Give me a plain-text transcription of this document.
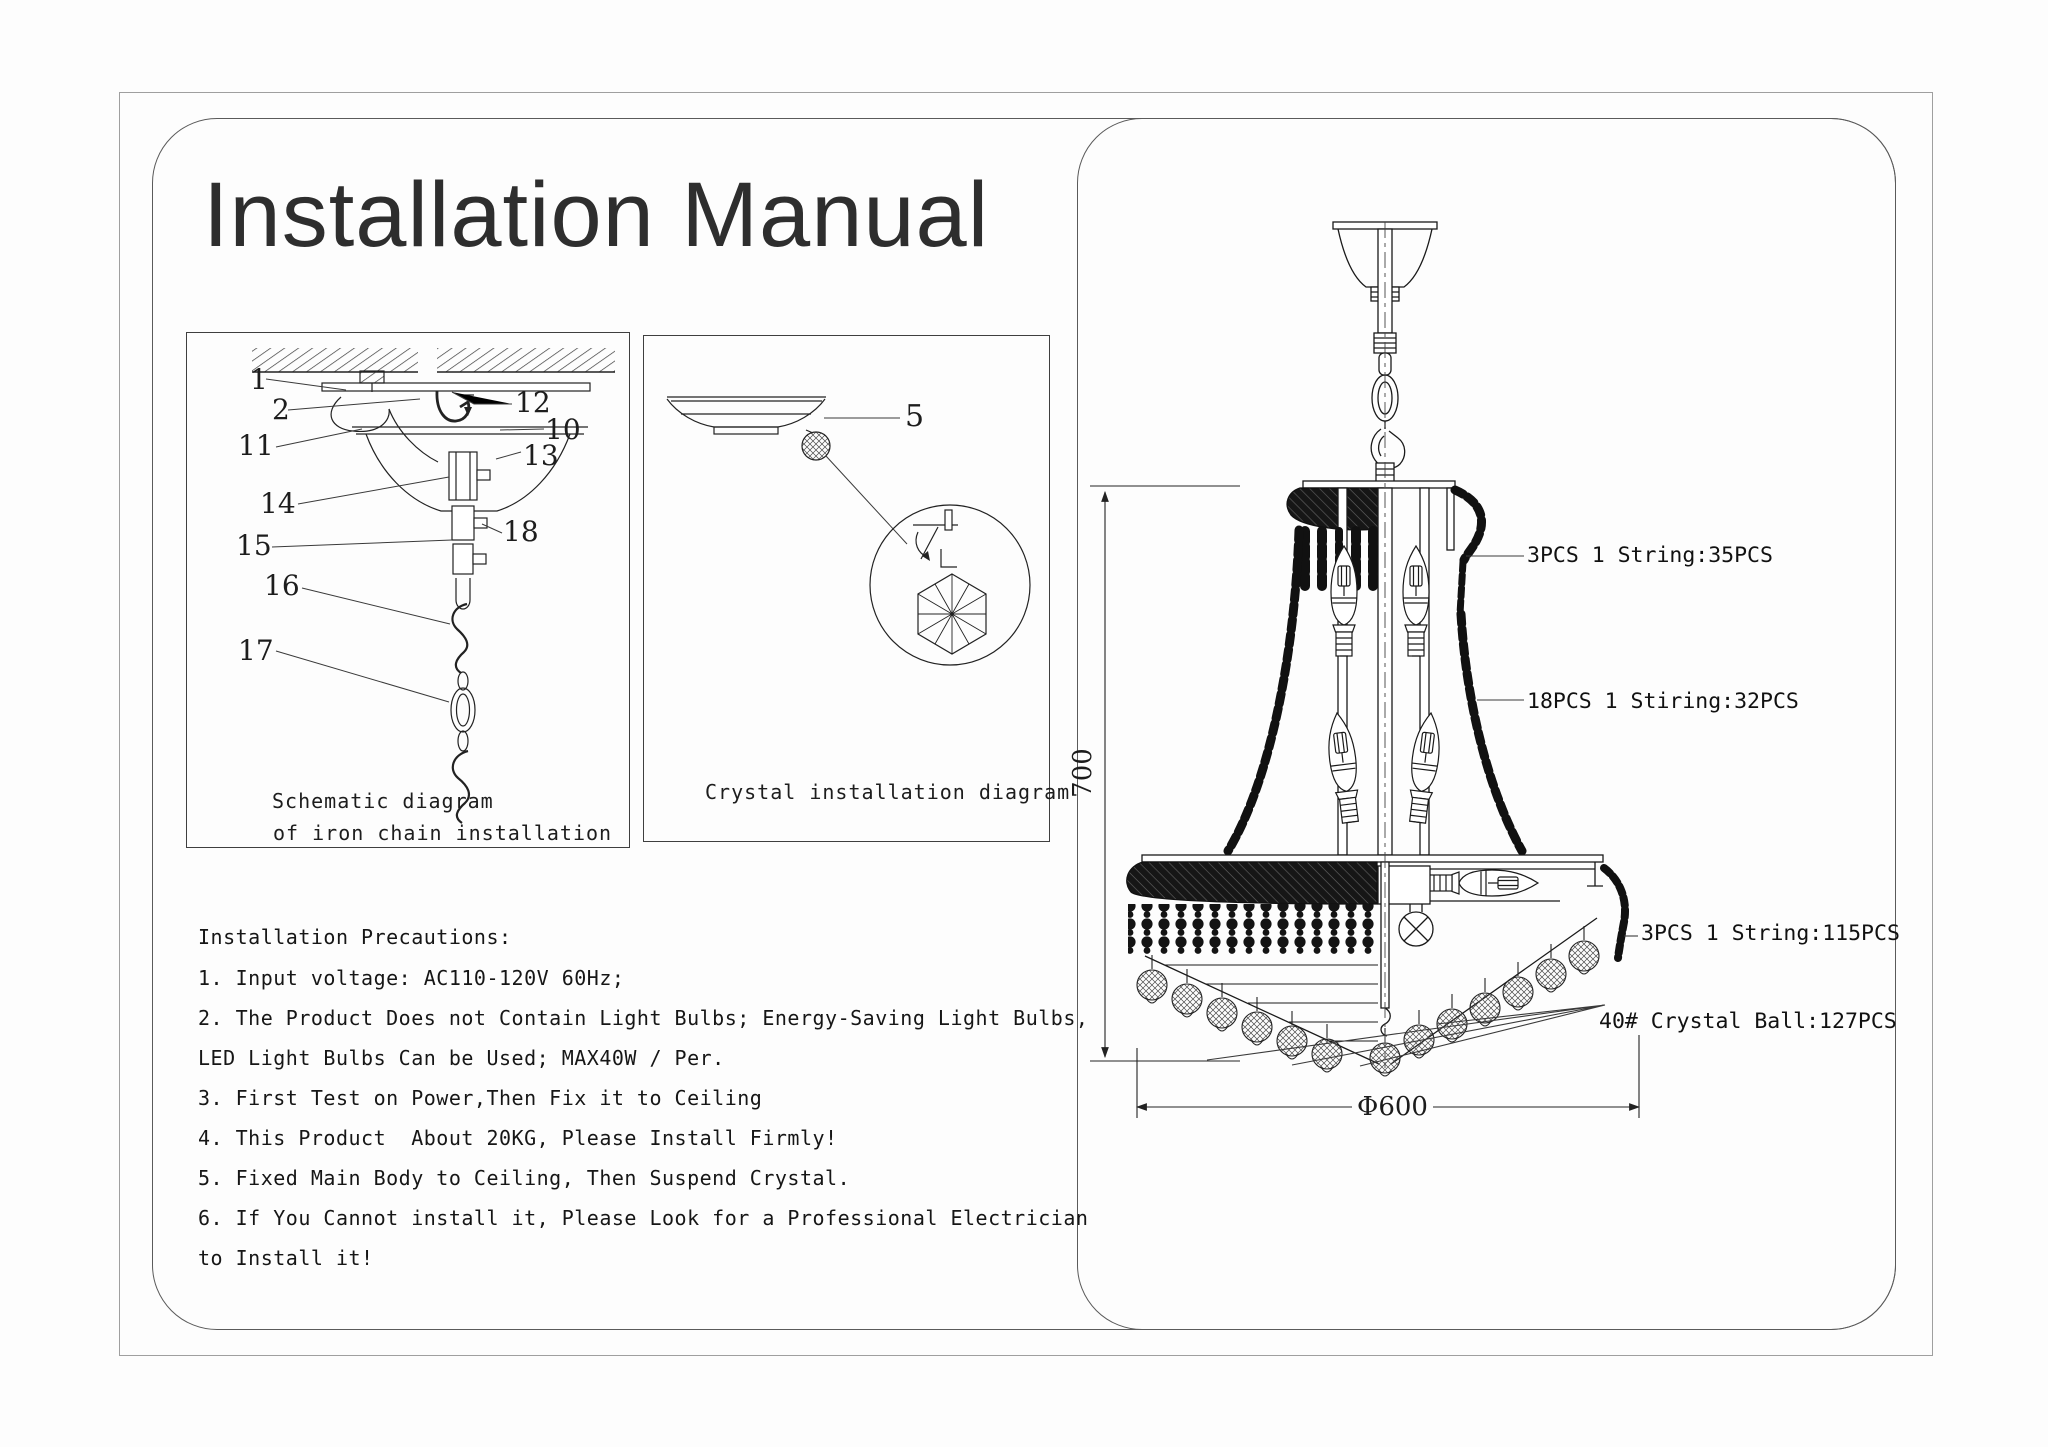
Installation Manual
1
2
11
14
15
16
17
12
10
13
18
Schematic diagram
of iron chain installation
5
Crystal installation diagram
Installation Precautions:
1. Input voltage: AC110-120V 60Hz;
2. The Product Does not Contain Light Bulbs; Energy-Saving Light Bulbs,
LED Light Bulbs Can be Used; MAX40W / Per.
3. First Test on Power,Then Fix it to Ceiling
4. This Product  About 20KG, Please Install Firmly!
5. Fixed Main Body to Ceiling, Then Suspend Crystal.
6. If You Cannot install it, Please Look for a Professional Electrician
to Install it!
3PCS 1 String:35PCS
18PCS 1 Stiring:32PCS
3PCS 1 String:115PCS
40# Crystal Ball:127PCS
700
Φ600
